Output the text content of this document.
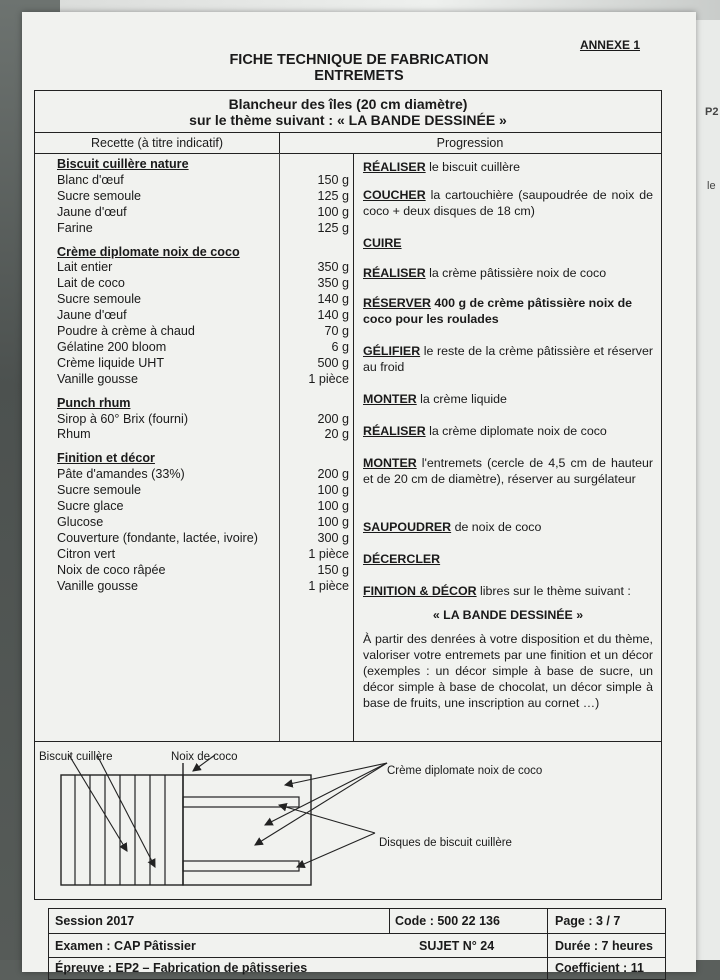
P2
le
ANNEXE 1
FICHE TECHNIQUE DE FABRICATION
ENTREMETS
Blancheur des îles (20 cm diamètre)
sur le thème suivant : « LA BANDE DESSINÉE »
Recette (à titre indicatif)	Progression
Biscuit cuillère nature
Blanc d'œuf	150 g
Sucre semoule	125 g
Jaune d'œuf	100 g
Farine	125 g
Crème diplomate noix de coco
Lait entier	350 g
Lait de coco	350 g
Sucre semoule	140 g
Jaune d'œuf	140 g
Poudre à crème à chaud	70 g
Gélatine 200 bloom	6 g
Crème liquide UHT	500 g
Vanille gousse	1 pièce
Punch rhum
Sirop à 60° Brix (fourni)	200 g
Rhum	20 g
Finition et décor
Pâte d'amandes (33%)	200 g
Sucre semoule	100 g
Sucre glace	100 g
Glucose	100 g
Couverture (fondante, lactée, ivoire)	300 g
Citron vert	1 pièce
Noix de coco râpée	150 g
Vanille gousse	1 pièce
RÉALISER le biscuit cuillère
COUCHER la cartouchière (saupoudrée de noix de coco + deux disques de 18 cm)
CUIRE
RÉALISER la crème pâtissière noix de coco
RÉSERVER 400 g de crème pâtissière noix de coco pour les roulades
GÉLIFIER le reste de la crème pâtissière et réserver au froid
MONTER la crème liquide
RÉALISER la crème diplomate noix de coco
MONTER l'entremets (cercle de 4,5 cm de hauteur et de 20 cm de diamètre), réserver au surgélateur
SAUPOUDRER de noix de coco
DÉCERCLER
FINITION & DÉCOR libres sur le thème suivant :
« LA BANDE DESSINÉE »
À partir des denrées à votre disposition et du thème, valoriser votre entremets par une finition et un décor (exemples : un décor simple à base de sucre, un décor simple à base de chocolat, un décor simple à base de fruits, une inscription au cornet …)
Biscuit cuillère	Noix de coco
Crème diplomate noix de coco
Disques de biscuit cuillère
Session 2017	Code : 500 22 136	Page : 3 / 7
Examen : CAP Pâtissier	SUJET N° 24	Durée : 7 heures
Épreuve : EP2 – Fabrication de pâtisseries	Coefficient : 11
